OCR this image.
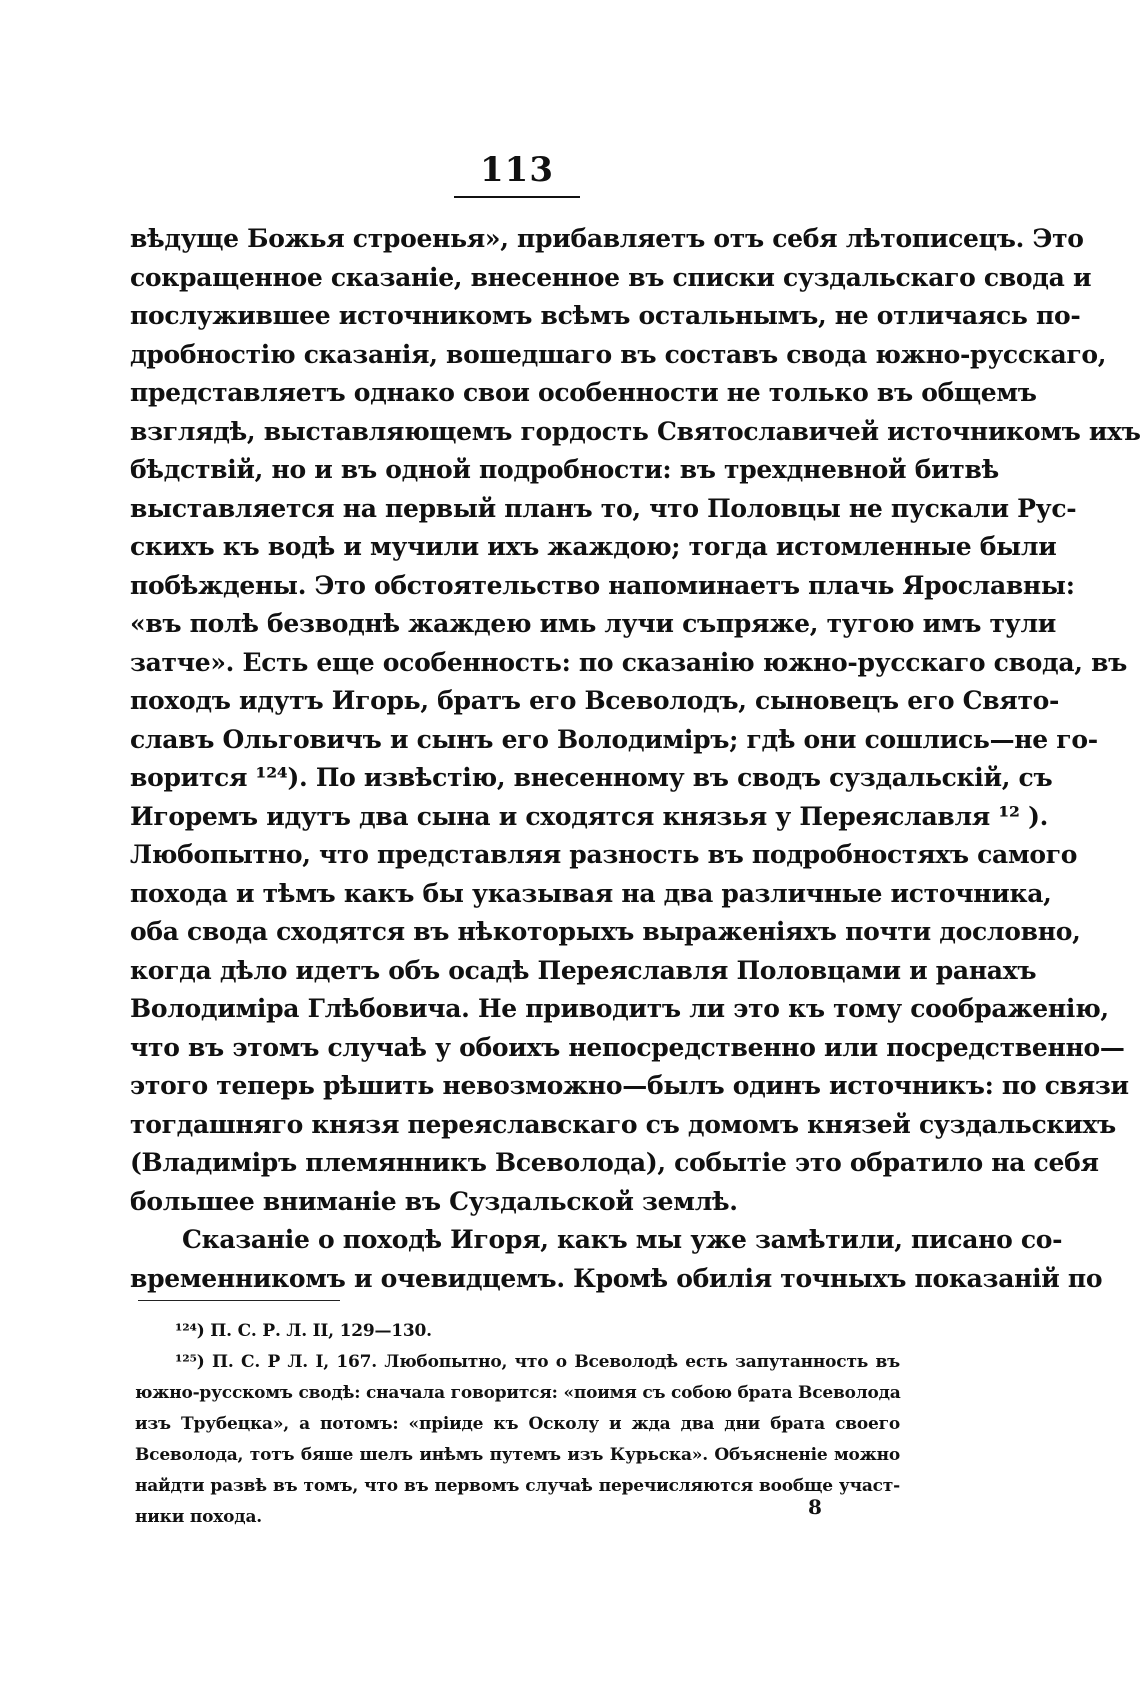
113
вѣдуще Божья строенья», прибавляетъ отъ себя лѣтописецъ. Это
сокращенное сказаніе, внесенное въ списки суздальскаго свода и
послужившее источникомъ всѣмъ остальнымъ, не отличаясь по-
дробностію сказанія, вошедшаго въ составъ свода южно-русскаго,
представляетъ однако свои особенности не только въ общемъ
взглядѣ, выставляющемъ гордость Святославичей источникомъ ихъ
бѣдствій, но и въ одной подробности: въ трехдневной битвѣ
выставляется на первый планъ то, что Половцы не пускали Рус-
скихъ къ водѣ и мучили ихъ жаждою; тогда истомленные были
побѣждены. Это обстоятельство напоминаетъ плачь Ярославны:
«въ полѣ безводнѣ жаждею имь лучи съпряже, тугою имъ тули
затче». Есть еще особенность: по сказанію южно-русскаго свода, въ
походъ идутъ Игорь, братъ его Всеволодъ, сыновецъ его Свято-
славъ Ольговичъ и сынъ его Володиміръ; гдѣ они сошлись—не го-
ворится ¹²⁴). По извѣстію, внесенному въ сводъ суздальскій, съ
Игоремъ идутъ два сына и сходятся князья у Переяславля ¹² ).
Любопытно, что представляя разность въ подробностяхъ самого
похода и тѣмъ какъ бы указывая на два различные источника,
оба свода сходятся въ нѣкоторыхъ выраженіяхъ почти дословно,
когда дѣло идетъ объ осадѣ Переяславля Половцами и ранахъ
Володиміра Глѣбовича. Не приводитъ ли это къ тому соображенію,
что въ этомъ случаѣ у обоихъ непосредственно или посредственно—
этого теперь рѣшить невозможно—былъ одинъ источникъ: по связи
тогдашняго князя переяславскаго съ домомъ князей суздальскихъ
(Владиміръ племянникъ Всеволода), событіе это обратило на себя
большее вниманіе въ Суздальской землѣ.
Сказаніе о походѣ Игоря, какъ мы уже замѣтили, писано со-
временникомъ и очевидцемъ. Кромѣ обилія точныхъ показаній по
¹²⁴) П. С. Р. Л. II, 129—130.
¹²⁵) П. С. Р Л. I, 167. Любопытно, что о Всеволодѣ есть запутанность въ
южно-русскомъ сводѣ: сначала говорится: «поимя съ собою брата Всеволода
изъ Трубецка», а потомъ: «пріиде къ Осколу и жда два дни брата своего
Всеволода, тотъ бяше шелъ инѣмъ путемъ изъ Курьска». Объясненіе можно
найдти развѣ въ томъ, что въ первомъ случаѣ перечисляются вообще участ-
ники похода.	8
